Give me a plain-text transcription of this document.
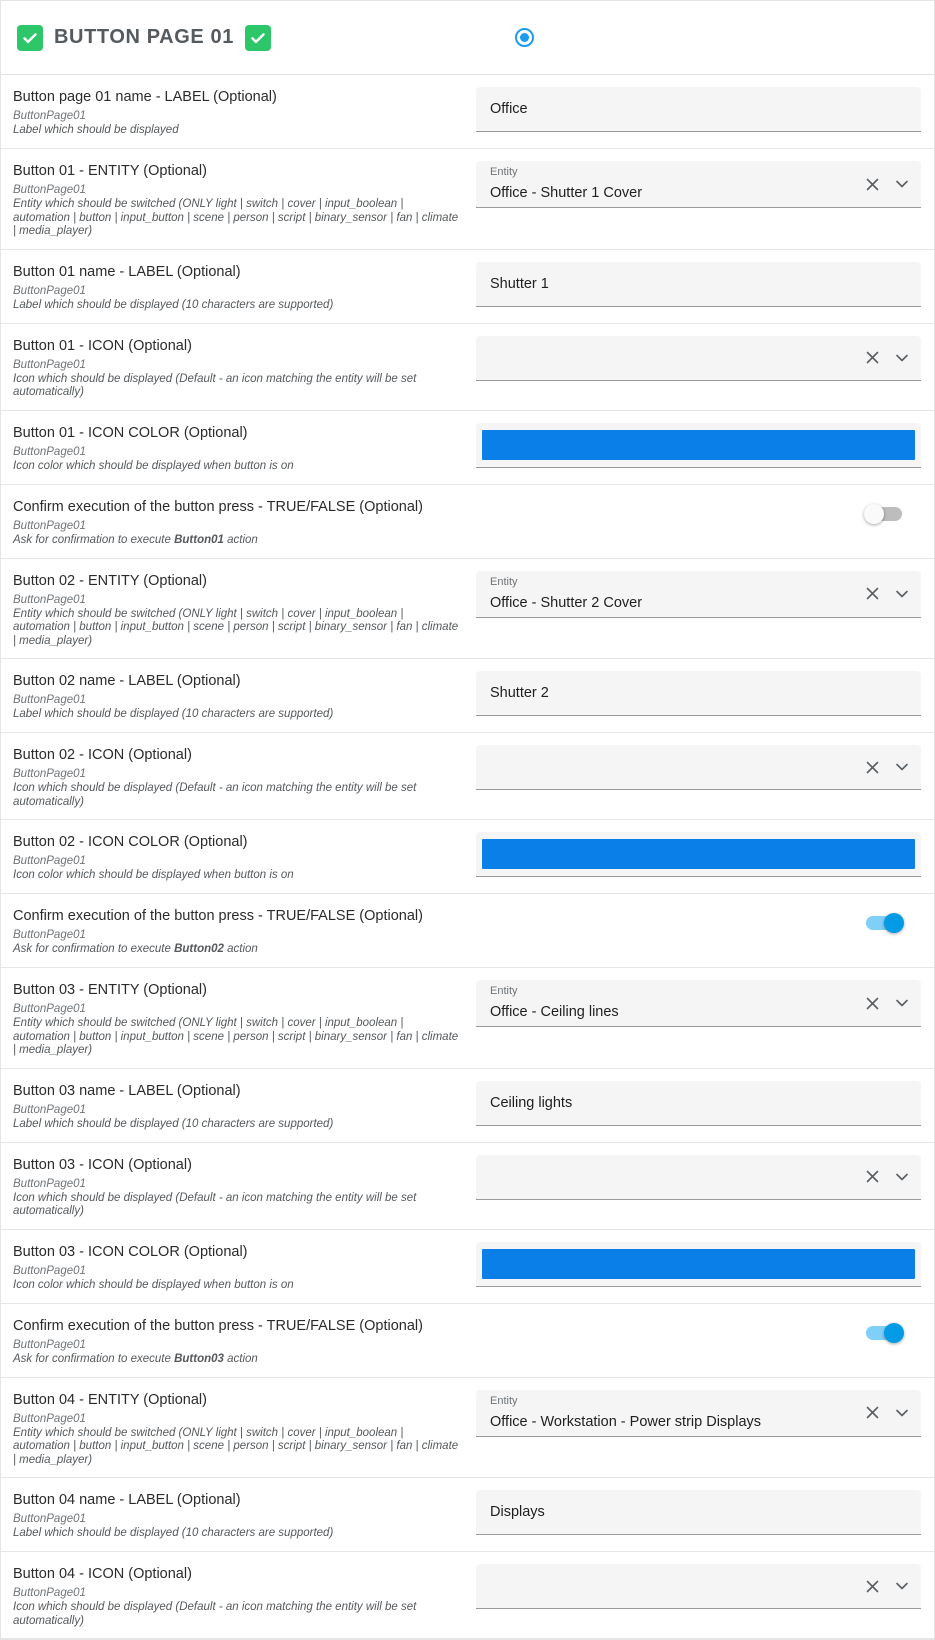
BUTTON PAGE 01
Button page 01 name - LABEL (Optional)
ButtonPage01
Label which should be displayed
Office
Button 01 - ENTITY (Optional)
ButtonPage01
Entity which should be switched (ONLY light | switch | cover | input_boolean | automation | button | input_button | scene | person | script | binary_sensor | fan | climate | media_player)
Entity
Office - Shutter 1 Cover
Button 01 name - LABEL (Optional)
ButtonPage01
Label which should be displayed (10 characters are supported)
Shutter 1
Button 01 - ICON (Optional)
ButtonPage01
Icon which should be displayed (Default - an icon matching the entity will be set automatically)
Button 01 - ICON COLOR (Optional)
ButtonPage01
Icon color which should be displayed when button is on
Confirm execution of the button press - TRUE/FALSE (Optional)
ButtonPage01
Ask for confirmation to execute Button01 action
Button 02 - ENTITY (Optional)
ButtonPage01
Entity which should be switched (ONLY light | switch | cover | input_boolean | automation | button | input_button | scene | person | script | binary_sensor | fan | climate | media_player)
Entity
Office - Shutter 2 Cover
Button 02 name - LABEL (Optional)
ButtonPage01
Label which should be displayed (10 characters are supported)
Shutter 2
Button 02 - ICON (Optional)
ButtonPage01
Icon which should be displayed (Default - an icon matching the entity will be set automatically)
Button 02 - ICON COLOR (Optional)
ButtonPage01
Icon color which should be displayed when button is on
Confirm execution of the button press - TRUE/FALSE (Optional)
ButtonPage01
Ask for confirmation to execute Button02 action
Button 03 - ENTITY (Optional)
ButtonPage01
Entity which should be switched (ONLY light | switch | cover | input_boolean | automation | button | input_button | scene | person | script | binary_sensor | fan | climate | media_player)
Entity
Office - Ceiling lines
Button 03 name - LABEL (Optional)
ButtonPage01
Label which should be displayed (10 characters are supported)
Ceiling lights
Button 03 - ICON (Optional)
ButtonPage01
Icon which should be displayed (Default - an icon matching the entity will be set automatically)
Button 03 - ICON COLOR (Optional)
ButtonPage01
Icon color which should be displayed when button is on
Confirm execution of the button press - TRUE/FALSE (Optional)
ButtonPage01
Ask for confirmation to execute Button03 action
Button 04 - ENTITY (Optional)
ButtonPage01
Entity which should be switched (ONLY light | switch | cover | input_boolean | automation | button | input_button | scene | person | script | binary_sensor | fan | climate | media_player)
Entity
Office - Workstation - Power strip Displays
Button 04 name - LABEL (Optional)
ButtonPage01
Label which should be displayed (10 characters are supported)
Displays
Button 04 - ICON (Optional)
ButtonPage01
Icon which should be displayed (Default - an icon matching the entity will be set automatically)
